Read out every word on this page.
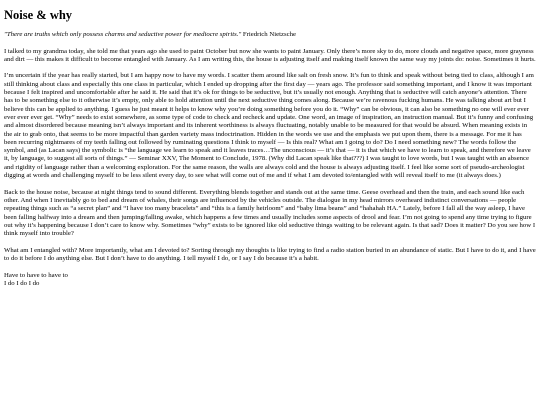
Noise & why

"There are truths which only possess charms and seductive power for mediocre spirits." Friedrich Nietzsche

I talked to my grandma today, she told me that years ago she used to paint October but now she wants to paint January. Only there’s more sky to do, more clouds and negative space, more grayness and dirt — this makes it difficult to become entangled with January. As I am writing this, the house is adjusting itself and making itself known the same way my joints do: noise. Sometimes it hurts.

I’m uncertain if the year has really started, but I am happy now to have my words. I scatter them around like salt on fresh snow. It’s fun to think and speak without being tied to class, although I am still thinking about class and especially this one class in particular, which I ended up dropping after the first day — years ago. The professor said something important, and I know it was important because I felt inspired and uncomfortable after he said it. He said that it’s ok for things to be seductive, but it’s usually not enough. Anything that is seductive will catch anyone’s attention. There has to be something else to it otherwise it’s empty, only able to hold attention until the next seductive thing comes along. Because we’re ravenous fucking humans. He was talking about art but I believe this can be applied to anything. I guess he just meant it helps to know why you’re doing something before you do it. “Why” can be obvious, it can also be something no one will ever ever ever ever ever get. “Why” needs to exist somewhere, as some type of code to check and recheck and update. One word, an image of inspiration, an instruction manual. But it’s funny and confusing and almost disordered because meaning isn’t always important and its inherent worthiness is always fluctuating, notably unable to be measured for that would be absurd. When meaning exists in the air to grab onto, that seems to be more impactful than garden variety mass indoctrination. Hidden in the words we use and the emphasis we put upon them, there is a message. For me it has been recurring nightmares of my teeth falling out followed by ruminating questions I think to myself — Is this real? What am I going to do? Do I need something new? The words follow the symbol, and (as Lacan says) the symbolic is “the language we learn to speak and it leaves traces…The unconscious — it’s that — it is that which we have to learn to speak, and therefore we leave it, by language, to suggest all sorts of things.” — Seminar XXV, The Moment to Conclude, 1978. (Why did Lacan speak like that???) I was taught to love words, but I was taught with an absence and rigidity of language rather than a welcoming exploration. For the same reason, the walls are always cold and the house is always adjusting itself. I feel like some sort of pseudo-archeologist digging at words and challenging myself to be less silent every day, to see what will come out of me and if what I am devoted to/entangled with will reveal itself to me (it always does.)

Back to the house noise, because at night things tend to sound different. Everything blends together and stands out at the same time. Geese overhead and then the train, and each sound like each other. And when I inevitably go to bed and dream of whales, their songs are influenced by the vehicles outside. The dialogue in my head mirrors overheard indistinct conversations — people repeating things such as “a secret plan” and “I have too many bracelets” and “this is a family heirloom” and “baby lima beans” and “hahahah HA.” Lately, before I fall all the way asleep, I have been falling halfway into a dream and then jumping/falling awake, which happens a few times and usually includes some aspects of drool and fear. I’m not going to spend any time trying to figure out why it’s happening because I don’t care to know why. Sometimes “why” exists to be ignored like old seductive things waiting to be relevant again. Is that sad? Does it matter? Do you see how I think myself into trouble?

What am I entangled with? More importantly, what am I devoted to? Sorting through my thoughts is like trying to find a radio station buried in an abundance of static. But I have to do it, and I have to do it before I do anything else. But I don’t have to do anything. I tell myself I do, or I say I do because it’s a habit.

Have to have to have to
I do I do I do
